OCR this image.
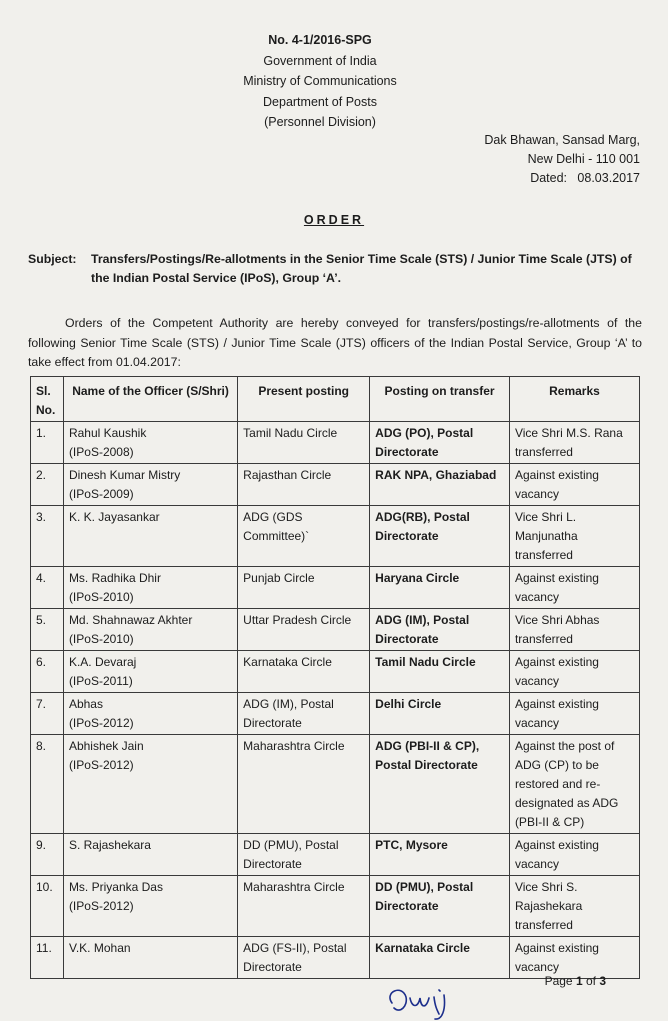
No. 4-1/2016-SPG
Government of India
Ministry of Communications
Department of Posts
(Personnel Division)
Dak Bhawan, Sansad Marg,
New Delhi - 110 001
Dated:   08.03.2017
ORDER
Subject: Transfers/Postings/Re-allotments in the Senior Time Scale (STS) / Junior Time Scale (JTS) of the Indian Postal Service (IPoS), Group ‘A’.
Orders of the Competent Authority are hereby conveyed for transfers/postings/re-allotments of the following Senior Time Scale (STS) / Junior Time Scale (JTS) officers of the Indian Postal Service, Group ‘A’ to take effect from 01.04.2017:
Sl. No.	Name of the Officer (S/Shri)	Present posting	Posting on transfer	Remarks

1.	Rahul Kaushik
(IPoS-2008)	Tamil Nadu Circle	ADG (PO), Postal Directorate	Vice Shri M.S. Rana transferred

2.	Dinesh Kumar Mistry
(IPoS-2009)	Rajasthan Circle	RAK NPA, Ghaziabad	Against existing vacancy

3.	K. K. Jayasankar	ADG (GDS Committee)`	ADG(RB), Postal Directorate	Vice Shri L. Manjunatha transferred

4.	Ms. Radhika Dhir
(IPoS-2010)	Punjab Circle	Haryana Circle	Against existing vacancy

5.	Md. Shahnawaz Akhter
(IPoS-2010)	Uttar Pradesh Circle	ADG (IM), Postal Directorate	Vice Shri Abhas transferred

6.	K.A. Devaraj
(IPoS-2011)	Karnataka Circle	Tamil Nadu Circle	Against existing vacancy

7.	Abhas
(IPoS-2012)	ADG (IM), Postal Directorate	Delhi Circle	Against existing vacancy

8.	Abhishek Jain
(IPoS-2012)	Maharashtra Circle	ADG (PBI-II & CP), Postal Directorate	Against the post of ADG (CP) to be restored and re-designated as ADG (PBI-II & CP)

9.	S. Rajashekara	DD (PMU), Postal Directorate	PTC, Mysore	Against existing vacancy

10.	Ms. Priyanka Das
(IPoS-2012)	Maharashtra Circle	DD (PMU), Postal Directorate	Vice Shri S. Rajashekara transferred

11.	V.K. Mohan	ADG (FS-II), Postal Directorate	Karnataka Circle	Against existing vacancy
Page 1 of 3
